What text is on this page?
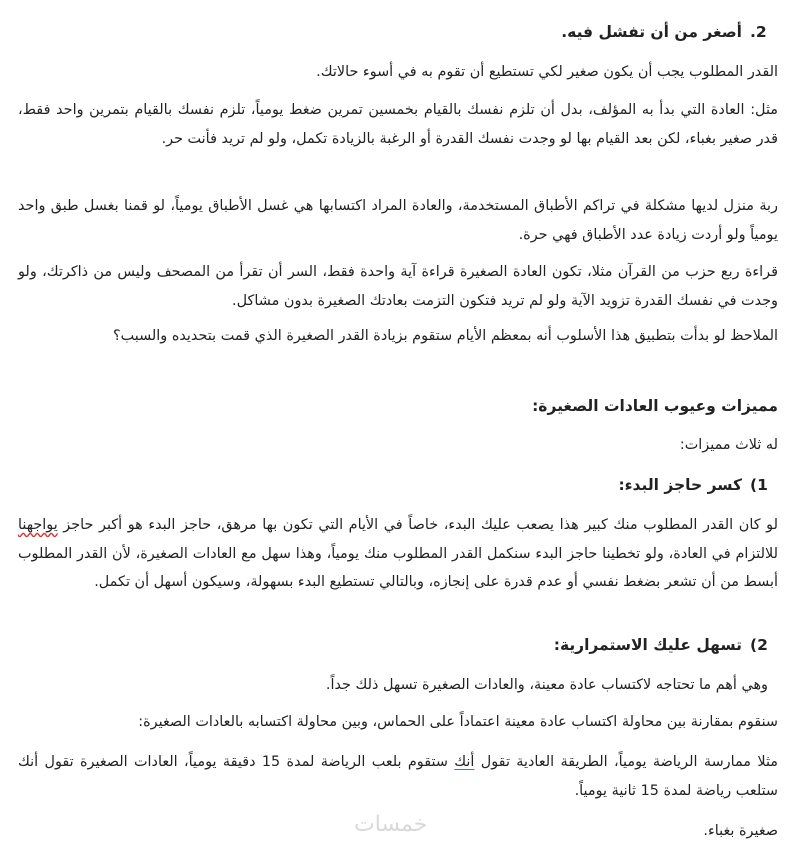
2.أصغر من أن تفشل فيه.

القدر المطلوب يجب أن يكون صغير لكي تستطيع أن تقوم به في أسوء حالاتك.

مثل: العادة التي بدأ به المؤلف، بدل أن تلزم نفسك بالقيام بخمسين تمرين ضغط يومياً، تلزم نفسك بالقيام بتمرين واحد فقط، قدر صغير بغباء، لكن بعد القيام بها لو وجدت نفسك القدرة أو الرغبة بالزيادة تكمل، ولو لم تريد فأنت حر.

ربة منزل لديها مشكلة في تراكم الأطباق المستخدمة، والعادة المراد اكتسابها هي غسل الأطباق يومياً، لو قمنا بغسل طبق واحد يومياً ولو أردت زيادة عدد الأطباق فهي حرة.

قراءة ربع حزب من القرآن مثلا، تكون العادة الصغيرة قراءة آية واحدة فقط، السر أن تقرأ من المصحف وليس من ذاكرتك، ولو وجدت في نفسك القدرة تزويد الآية ولو لم تريد فتكون التزمت بعادتك الصغيرة بدون مشاكل.

الملاحظ لو بدأت بتطبيق هذا الأسلوب أنه بمعظم الأيام ستقوم بزيادة القدر الصغيرة الذي قمت بتحديده والسبب؟

مميزات وعيوب العادات الصغيرة:

له ثلاث مميزات:

1)كسر حاجز البدء:

لو كان القدر المطلوب منك كبير هذا يصعب عليك البدء، خاصاً في الأيام التي تكون بها مرهق، حاجز البدء هو أكبر حاجز يواجهنا للالتزام في العادة، ولو تخطينا حاجز البدء سنكمل القدر المطلوب منك يومياً، وهذا سهل مع العادات الصغيرة، لأن القدر المطلوب أبسط من أن تشعر بضغط نفسي أو عدم قدرة على إنجازه، وبالتالي تستطيع البدء بسهولة، وسيكون أسهل أن تكمل.

2)تسهل عليك الاستمرارية:

وهي أهم ما تحتاجه لاكتساب عادة معينة، والعادات الصغيرة تسهل ذلك جداً.

سنقوم بمقارنة بين محاولة اكتساب عادة معينة اعتماداً على الحماس، وبين محاولة اكتسابه بالعادات الصغيرة:

مثلا ممارسة الرياضة يومياً، الطريقة العادية تقول أنك ستقوم بلعب الرياضة لمدة 15 دقيقة يومياً، العادات الصغيرة تقول أنك ستلعب رياضة لمدة 15 ثانية يومياً.

صغيرة بغباء.

خمسات
